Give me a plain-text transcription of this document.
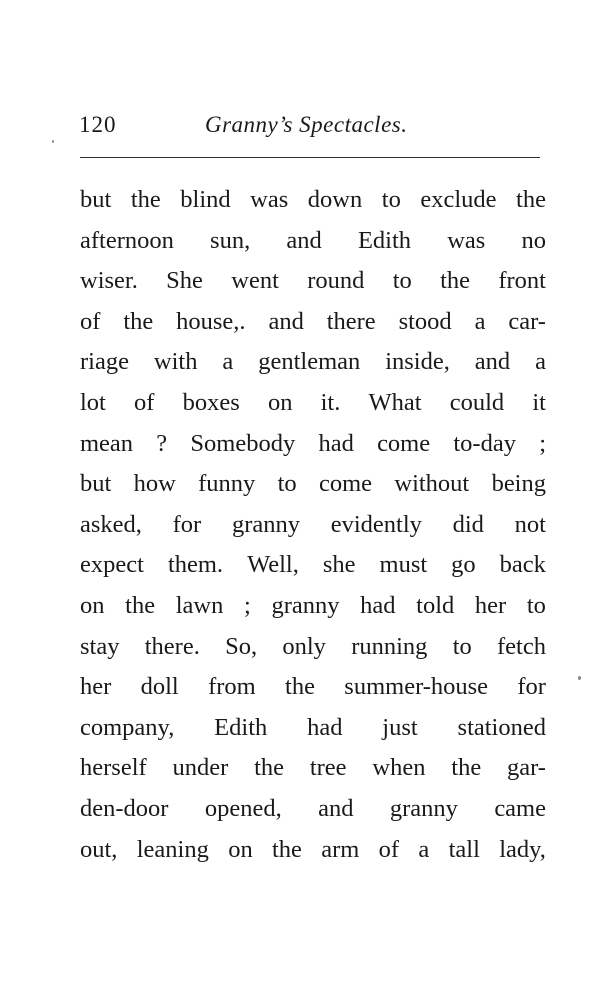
120	Granny’s Spectacles.
but the blind was down to exclude the
afternoon sun, and Edith was no
wiser. She went round to the front
of the house,. and there stood a car-
riage with a gentleman inside, and a
lot of boxes on it. What could it
mean ? Somebody had come to-day ;
but how funny to come without being
asked, for granny evidently did not
expect them. Well, she must go back
on the lawn ; granny had told her to
stay there. So, only running to fetch
her doll from the summer-house for
company, Edith had just stationed
herself under the tree when the gar-
den-door opened, and granny came
out, leaning on the arm of a tall lady,
